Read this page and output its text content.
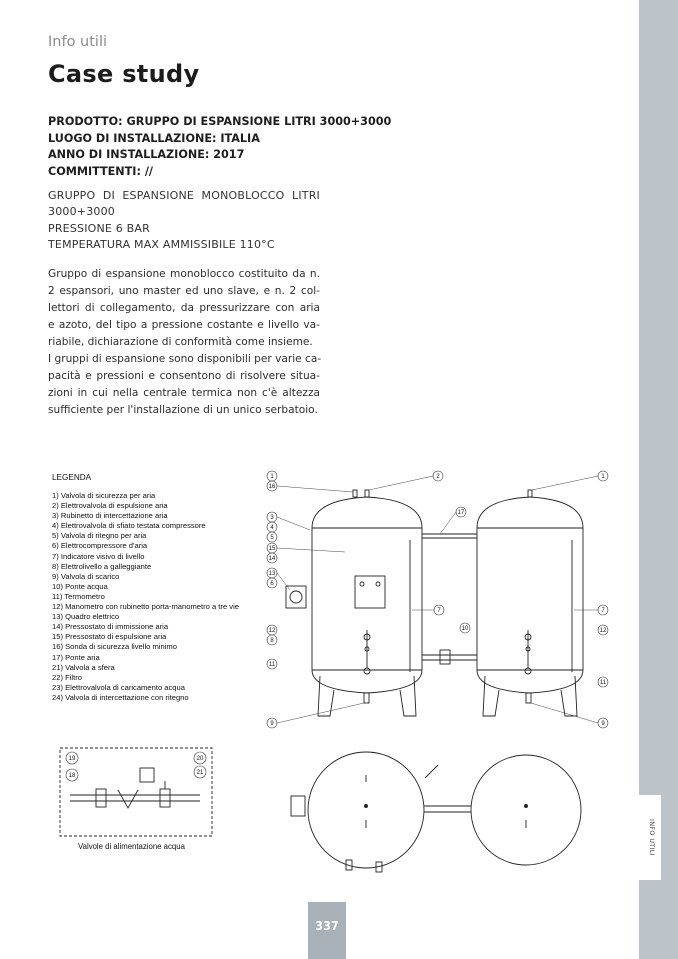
INFO UTILI
337
Info utili
Case study
PRODOTTO: GRUPPO DI ESPANSIONE LITRI 3000+3000
LUOGO DI INSTALLAZIONE: ITALIA
ANNO DI INSTALLAZIONE: 2017
COMMITTENTI: //
GRUPPO DI ESPANSIONE MONOBLOCCO LITRI
3000+3000
PRESSIONE 6 BAR
TEMPERATURA MAX AMMISSIBILE 110°C
Gruppo di espansione monoblocco costituito da n.
2 espansori, uno master ed uno slave, e n. 2 col-
lettori di collegamento, da pressurizzare con aria
e azoto, del tipo a pressione costante e livello va-
riabile, dichiarazione di conformità come insieme.
I gruppi di espansione sono disponibili per varie ca-
pacità e pressioni e consentono di risolvere situa-
zioni in cui nella centrale termica non c'è altezza
sufficiente per l'installazione di un unico serbatoio.
LEGENDA
1) Valvola di sicurezza per aria
2) Elettrovalvola di espulsione aria
3) Rubinetto di intercettazione aria
4) Elettrovalvola di sfiato testata compressore
5) Valvola di ritegno per aria
6) Elettrocompressore d'aria
7) Indicatore visivo di livello
8) Elettrolivello a galleggiante
9) Valvola di scarico
10) Ponte acqua
11) Termometro
12) Manometro con rubinetto porta-manometro a tre vie
13) Quadro elettrico
14) Pressostato di immissione aria
15) Pressostato di espulsione aria
16) Sonda di sicurezza livello minimo
17) Ponte aria
21) Valvola a sfera
22) Filtro
23) Elettrovalvola di caricamento acqua
24) Valvola di intercettazione con ritegno
1
16
3
4
5
15
14
13
6
12
8
11
9
2
17
1
10
7	7
12
11
9
19
18
20
21
Valvole di alimentazione acqua
